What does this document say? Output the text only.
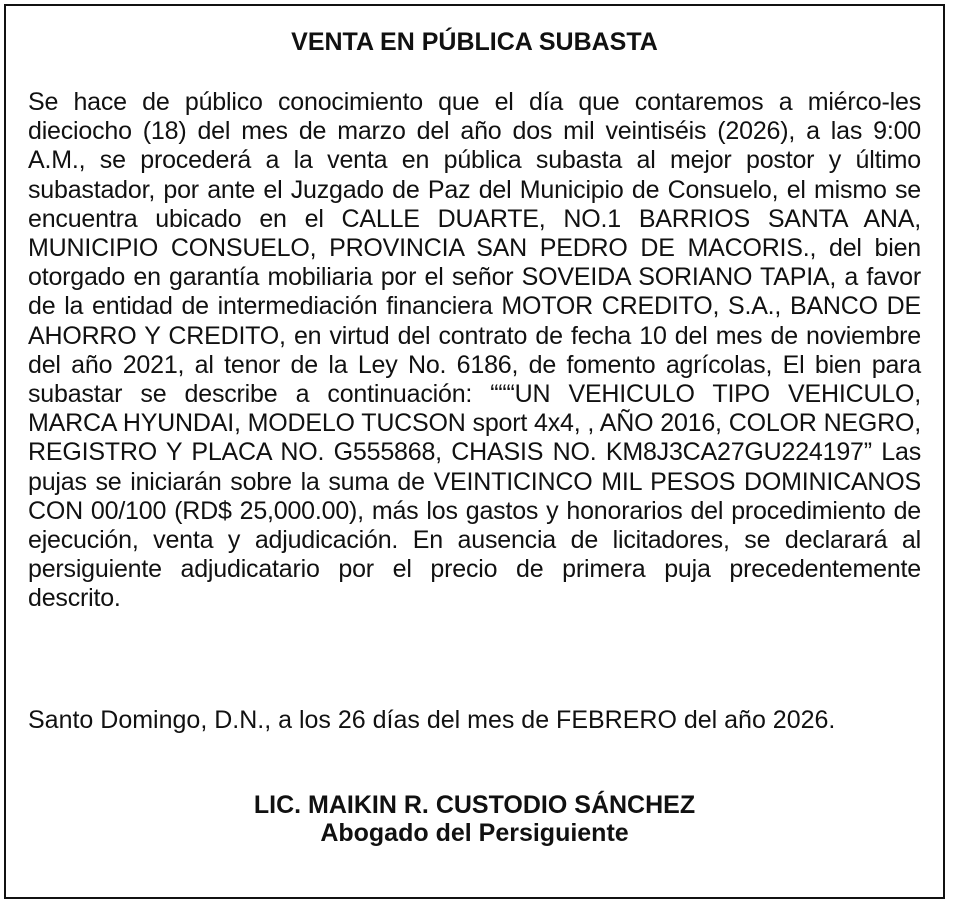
VENTA EN PÚBLICA SUBASTA

Se hace de público conocimiento que el día que contaremos a miérco-les dieciocho (18) del mes de marzo del año dos mil veintiséis (2026), a las 9:00 A.M., se procederá a la venta en pública subasta al mejor postor y último subastador, por ante el Juzgado de Paz del Municipio de Consuelo, el mismo se encuentra ubicado en el CALLE DUARTE, NO.1 BARRIOS SANTA ANA, MUNICIPIO CONSUELO, PROVINCIA SAN PEDRO DE MACORIS., del bien otorgado en garantía mobiliaria por el señor SOVEIDA SORIANO TAPIA, a favor de la entidad de intermediación financiera MOTOR CREDITO, S.A., BANCO DE AHORRO Y CREDITO, en virtud del contrato de fecha 10 del mes de noviembre del año 2021, al tenor de la Ley No. 6186, de fomento agrícolas, El bien para subastar se describe a continuación: “““UN VEHICULO TIPO VEHICULO, MARCA HYUNDAI, MODELO TUCSON sport 4x4, , AÑO 2016, COLOR NEGRO, REGISTRO Y PLACA NO. G555868, CHASIS NO. KM8J3CA27GU224197” Las pujas se iniciarán sobre la suma de VEINTICINCO MIL PESOS DOMINICANOS CON 00/100 (RD$ 25,000.00), más los gastos y honorarios del procedimiento de ejecución, venta y adjudicación. En ausencia de licitadores, se declarará al persiguiente adjudicatario por el precio de primera puja precedentemente descrito.

Santo Domingo, D.N., a los 26 días del mes de FEBRERO del año 2026.

LIC. MAIKIN R. CUSTODIO SÁNCHEZ
Abogado del Persiguiente
